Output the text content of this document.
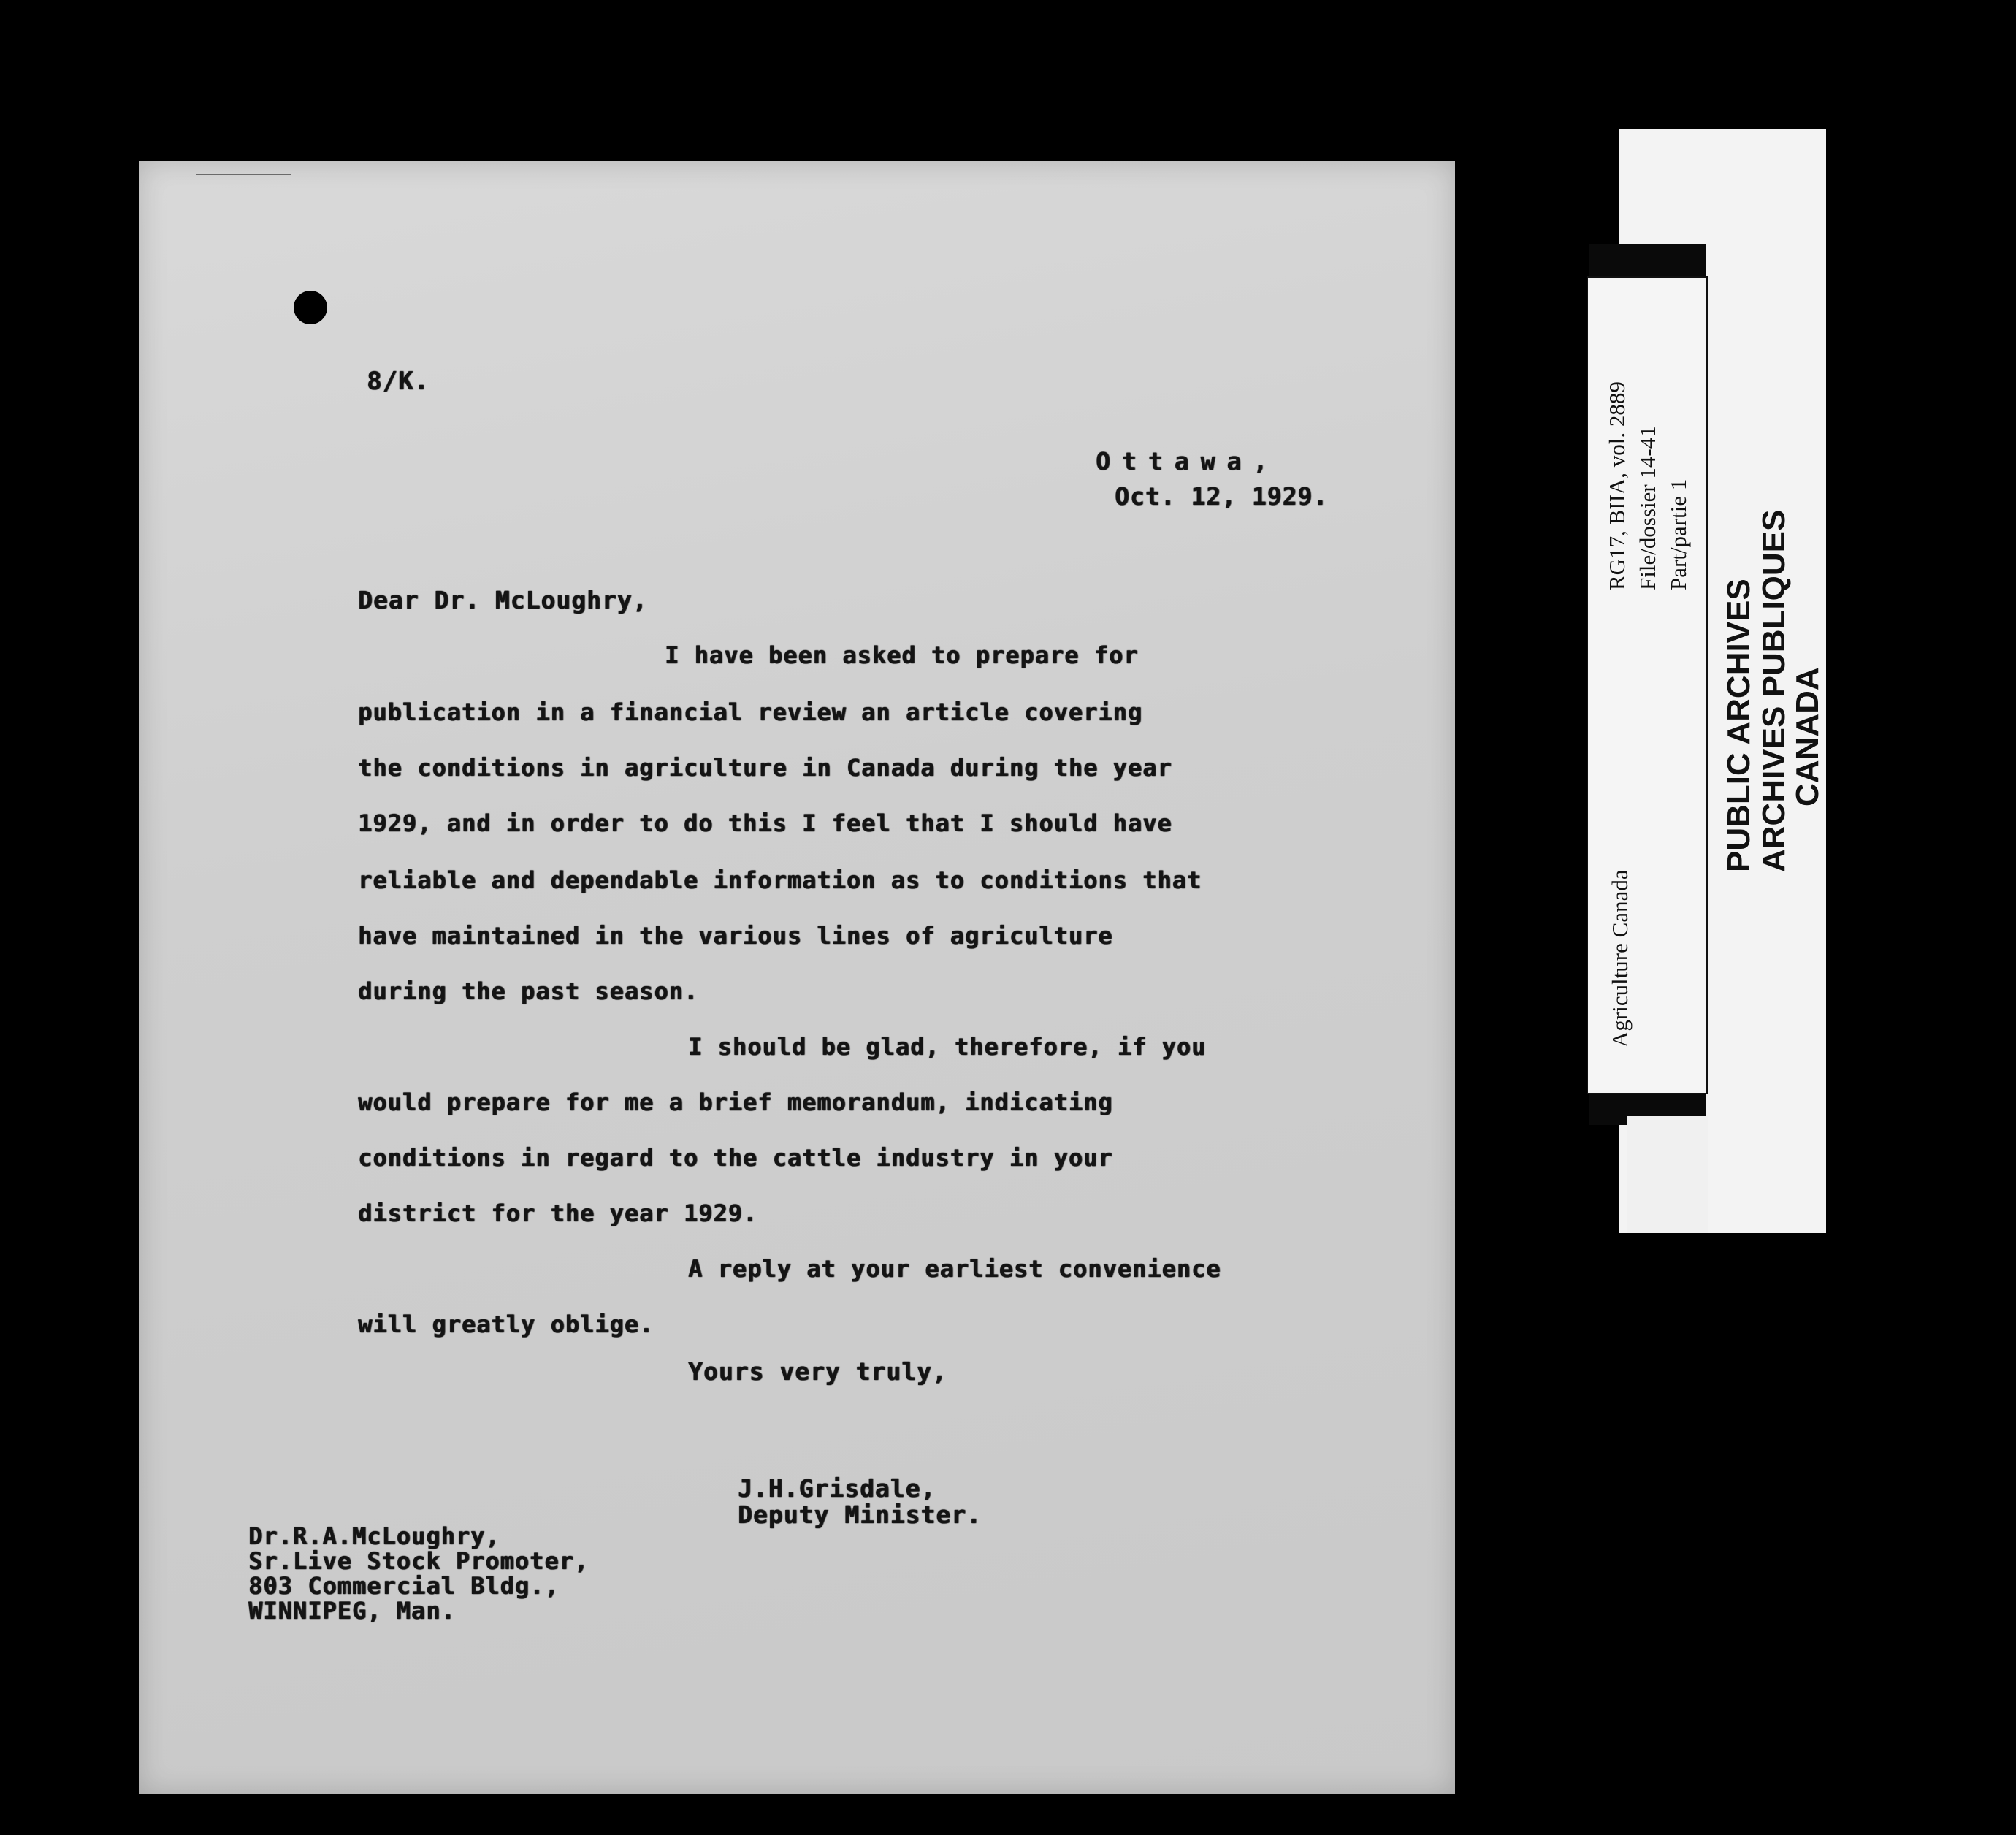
8/K.
Ottawa,
Oct. 12, 1929.
Dear Dr. McLoughry,
I have been asked to prepare for
publication in a financial review an article covering
the conditions in agriculture in Canada during the year
1929, and in order to do this I feel that I should have
reliable and dependable information as to conditions that
have maintained in the various lines of agriculture
during the past season.
I should be glad, therefore, if you
would prepare for me a brief memorandum, indicating
conditions in regard to the cattle industry in your
district for the year 1929.
A reply at your earliest convenience
will greatly oblige.
Yours very truly,
J.H.Grisdale,
Deputy Minister.
Dr.R.A.McLoughry,
Sr.Live Stock Promoter,
803 Commercial Bldg.,
WINNIPEG, Man.
RG17, BIIA, vol. 2889 File/dossier 14-41 Part/partie 1
Agriculture Canada
PUBLIC ARCHIVES ARCHIVES PUBLIQUES
CANADA
